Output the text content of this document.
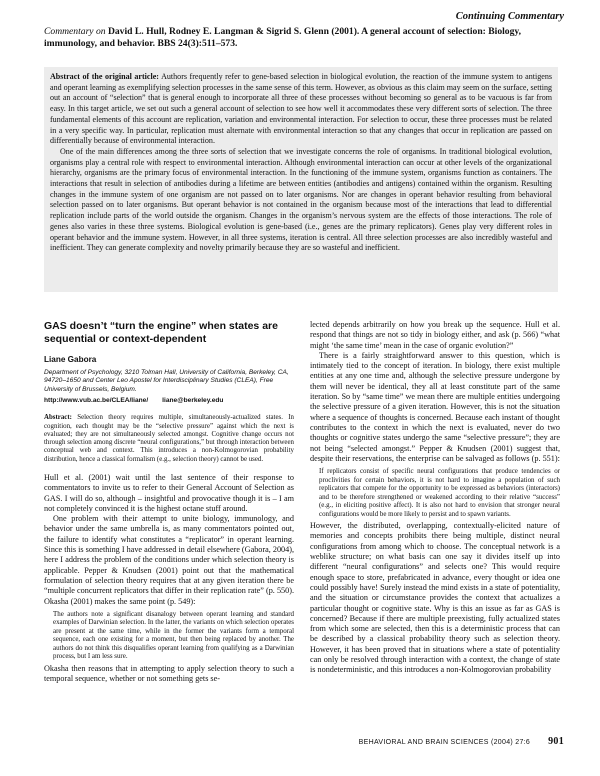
Continuing Commentary
Commentary on David L. Hull, Rodney E. Langman & Sigrid S. Glenn (2001). A general account of selection: Biology, immunology, and behavior. BBS 24(3):511–573.

Abstract of the original article: Authors frequently refer to gene-based selection in biological evolution, the reaction of the immune system to antigens and operant learning as exemplifying selection processes in the same sense of this term. However, as obvious as this claim may seem on the surface, setting out an account of “selection” that is general enough to incorporate all three of these processes without becoming so general as to be vacuous is far from easy. In this target article, we set out such a general account of selection to see how well it accommodates these very different sorts of selection. The three fundamental elements of this account are replication, variation and environmental interaction. For selection to occur, these three processes must be related in a very specific way. In particular, replication must alternate with environmental interaction so that any changes that occur in replication are passed on differentially because of environmental interaction.

One of the main differences among the three sorts of selection that we investigate concerns the role of organisms. In traditional biological evolution, organisms play a central role with respect to environmental interaction. Although environmental interaction can occur at other levels of the organizational hierarchy, organisms are the primary focus of environmental interaction. In the functioning of the immune system, organisms function as containers. The interactions that result in selection of antibodies during a lifetime are between entities (antibodies and antigens) contained within the organism. Resulting changes in the immune system of one organism are not passed on to later organisms. Nor are changes in operant behavior resulting from behavioral selection passed on to later organisms. But operant behavior is not contained in the organism because most of the interactions that lead to differential replication include parts of the world outside the organism. Changes in the organism’s nervous system are the effects of those interactions. The role of genes also varies in these three systems. Biological evolution is gene-based (i.e., genes are the primary replicators). Genes play very different roles in operant behavior and the immune system. However, in all three systems, iteration is central. All three selection processes are also incredibly wasteful and inefficient. They can generate complexity and novelty primarily because they are so wasteful and inefficient.

GAS doesn’t “turn the engine” when states are sequential or context-dependent
Liane Gabora
Department of Psychology, 3210 Tolman Hall, University of California, Berkeley, CA, 94720–1650 and Center Leo Apostel for Interdisciplinary Studies (CLEA), Free University of Brussels, Belgium.
http://www.vub.ac.be/CLEA/liane/ liane@berkeley.edu
Abstract: Selection theory requires multiple, simultaneously-actualized states. In cognition, each thought may be the “selective pressure” against which the next is evaluated; they are not simultaneously selected amongst. Cognitive change occurs not through selection among discrete “neural configurations,” but through interaction between conceptual web and context. This introduces a non-Kolmogorovian probability distribution, hence a classical formalism (e.g., selection theory) cannot be used.

Hull et al. (2001) wait until the last sentence of their response to commentators to invite us to refer to their General Account of Selection as GAS. I will do so, although – insightful and provocative though it is – I am not completely convinced it is the highest octane stuff around.

One problem with their attempt to unite biology, immunology, and behavior under the same umbrella is, as many commentators pointed out, the failure to identify what constitutes a “replicator” in operant learning. Since this is something I have addressed in detail elsewhere (Gabora, 2004), here I address the problem of the conditions under which selection theory is applicable. Pepper & Knudsen (2001) point out that the mathematical formulation of selection theory requires that at any given iteration there be “multiple concurrent replicators that differ in their replication rate” (p. 550). Okasha (2001) makes the same point (p. 549):

The authors note a significant disanalogy between operant learning and standard examples of Darwinian selection. In the latter, the variants on which selection operates are present at the same time, while in the former the variants form a temporal sequence, each one existing for a moment, but then being replaced by another. The authors do not think this disqualifies operant learning from qualifying as a Darwinian process, but I am less sure.

Okasha then reasons that in attempting to apply selection theory to such a temporal sequence, whether or not something gets se-

lected depends arbitrarily on how you break up the sequence. Hull et al. respond that things are not so tidy in biology either, and ask (p. 566) “what might ‘the same time’ mean in the case of organic evolution?”

There is a fairly straightforward answer to this question, which is intimately tied to the concept of iteration. In biology, there exist multiple entities at any one time and, although the selective pressure undergone by them will never be identical, they all at least constitute part of the same iteration. So by “same time” we mean there are multiple entities undergoing the selective pressure of a given iteration. However, this is not the situation where a sequence of thoughts is concerned. Because each instant of thought contributes to the context in which the next is evaluated, never do two thoughts or cognitive states undergo the same “selective pressure”; they are not being “selected amongst.” Pepper & Knudsen (2001) suggest that, despite their reservations, the enterprise can be salvaged as follows (p. 551):

If replicators consist of specific neural configurations that produce tendencies or proclivities for certain behaviors, it is not hard to imagine a population of such replicators that compete for the opportunity to be expressed as behaviors (interactors) and to be therefore strengthened or weakened according to their relative “success” (e.g., in eliciting positive affect). It is also not hard to envision that stronger neural configurations would be more likely to persist and to spawn variants.

However, the distributed, overlapping, contextually-elicited nature of memories and concepts prohibits there being multiple, distinct neural configurations from among which to choose. The conceptual network is a weblike structure; on what basis can one say it divides itself up into different “neural configurations” and selects one? This would require enough space to store, prefabricated in advance, every thought or idea one could possibly have! Surely instead the mind exists in a state of potentiality, and the situation or circumstance provides the context that actualizes a particular thought or cognitive state. Why is this an issue as far as GAS is concerned? Because if there are multiple preexisting, fully actualized states from which some are selected, then this is a deterministic process that can be described by a classical probability theory such as selection theory. However, it has been proved that in situations where a state of potentiality can only be resolved through interaction with a context, the change of state is nondeterministic, and this introduces a non-Kolmogorovian probability

BEHAVIORAL AND BRAIN SCIENCES (2004) 27:6 901
